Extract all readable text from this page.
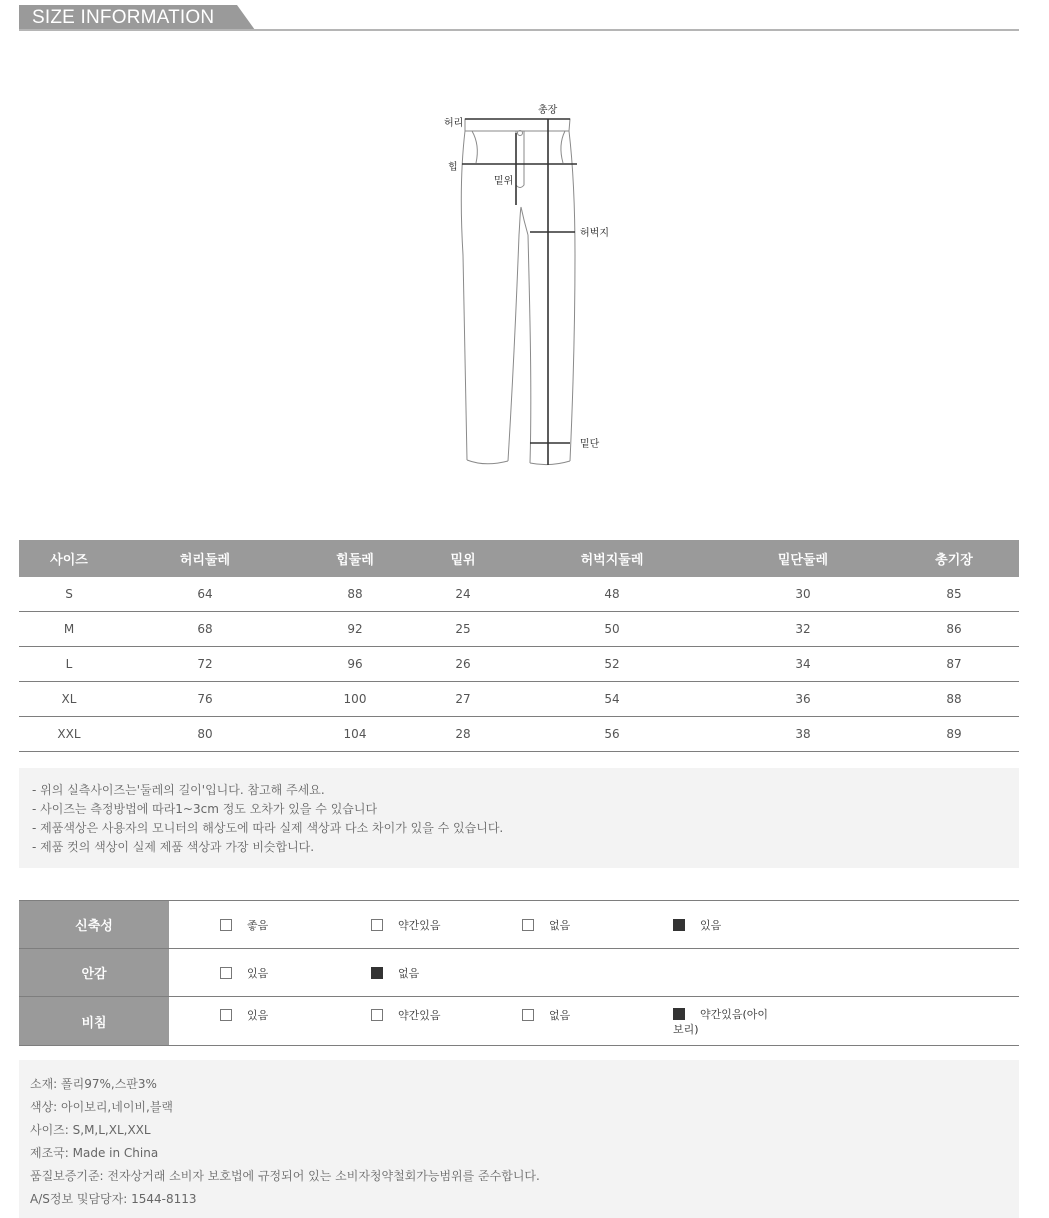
SIZE INFORMATION
허리
총장
힙
밑위
허벅지
밑단
사이즈	허리둘레	힙둘레	밑위	허벅지둘레	밑단둘레	총기장
S	64	88	24	48	30	85
M	68	92	25	50	32	86
L	72	96	26	52	34	87
XL	76	100	27	54	36	88
XXL	80	104	28	56	38	89
- 위의 실측사이즈는'둘레의 길이'입니다. 참고해 주세요.
- 사이즈는 측정방법에 따라1~3cm 정도 오차가 있을 수 있습니다
- 제품색상은 사용자의 모니터의 해상도에 따라 실제 색상과 다소 차이가 있을 수 있습니다.
- 제품 컷의 색상이 실제 제품 색상과 가장 비슷합니다.
신축성	좋음	약간있음	없음	있음
안감	있음	없음
비침	있음	약간있음	없음	약간있음(아이
보리)
소재: 폴리97%,스판3%
색상: 아이보리,네이비,블랙
사이즈: S,M,L,XL,XXL
제조국: Made in China
품질보증기준: 전자상거래 소비자 보호법에 규정되어 있는 소비자청약철회가능범위를 준수합니다.
A/S정보 및담당자: 1544-8113
